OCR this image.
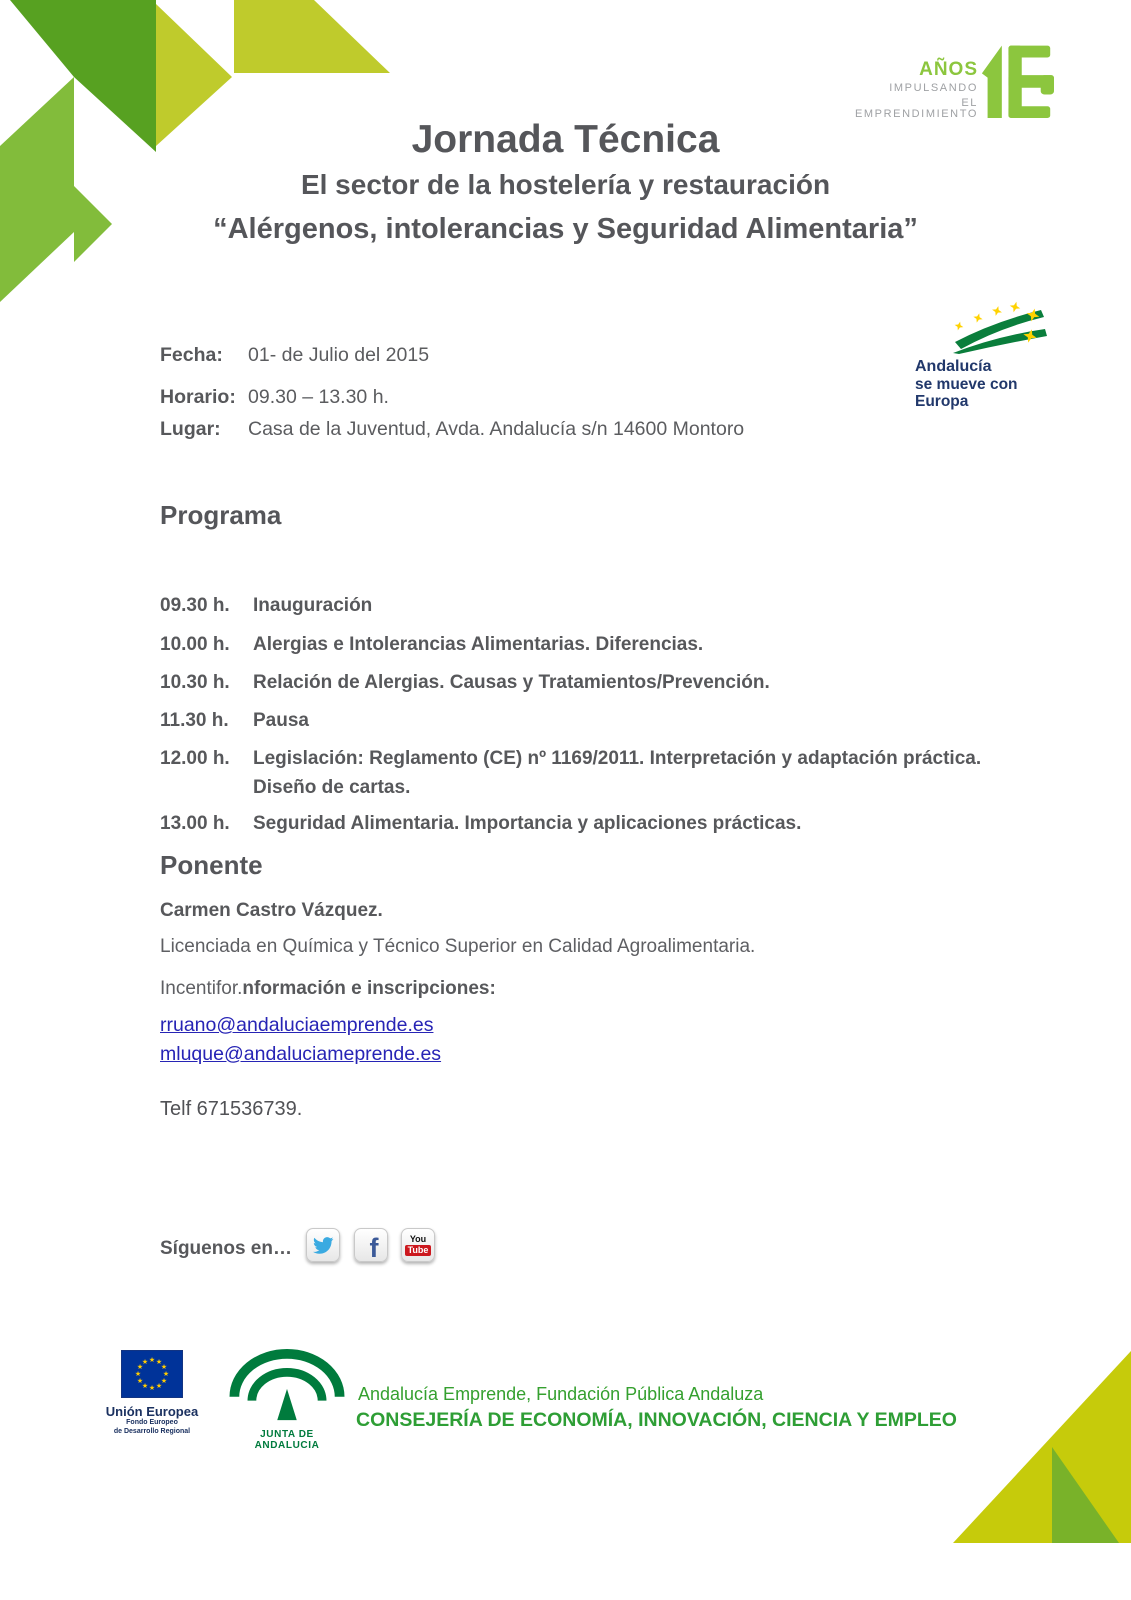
AÑOS
IMPULSANDO
EL EMPRENDIMIENTO
Jornada Técnica
El sector de la hostelería y restauración
“Alérgenos, intolerancias y Seguridad Alimentaria”
Andalucía
se mueve con Europa
Fecha:	01- de Julio del 2015
Horario: 09.30 – 13.30 h.
Lugar:	Casa de la Juventud, Avda. Andalucía s/n 14600 Montoro
Programa
09.30 h.	Inauguración
10.00 h.	Alergias e Intolerancias Alimentarias. Diferencias.
10.30 h.	Relación de Alergias. Causas y Tratamientos/Prevención.
11.30 h.	Pausa
12.00 h.	Legislación: Reglamento (CE) nº 1169/2011. Interpretación y adaptación práctica. Diseño de cartas.
13.00 h.	Seguridad Alimentaria. Importancia y aplicaciones prácticas.
Ponente
Carmen Castro Vázquez.
Licenciada en Química y Técnico Superior en Calidad Agroalimentaria.
Incentifor.nformación e inscripciones:
rruano@andaluciaemprende.es
mluque@andaluciameprende.es
Telf 671536739.
Síguenos en…	f	You
Tube
★ ★
★
★
★
★
★
★
★
★
★
★
Unión Europea
Fondo Europeo
de Desarrollo Regional	JUNTA DE ANDALUCIA
Andalucía Emprende, Fundación Pública Andaluza
CONSEJERÍA DE ECONOMÍA, INNOVACIÓN, CIENCIA Y EMPLEO
